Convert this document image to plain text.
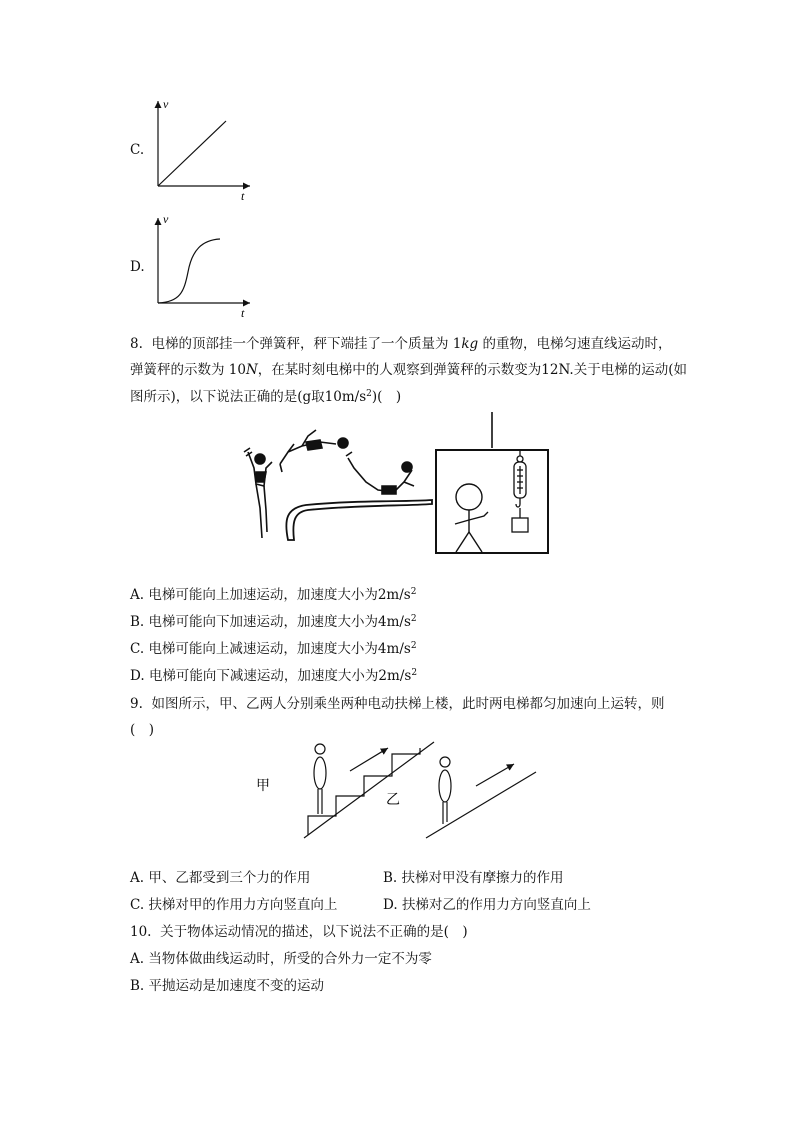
C.
v
t
D.
v
t
8. 电梯的顶部挂一个弹簧秤，秤下端挂了一个质量为 1kg 的重物，电梯匀速直线运动时，
弹簧秤的示数为 10N，在某时刻电梯中的人观察到弹簧秤的示数变为12N.关于电梯的运动(如
图所示)，以下说法正确的是(g取$10m/s^2$)(　)
A. 电梯可能向上加速运动，加速度大小为$2m/s^2$
B. 电梯可能向下加速运动，加速度大小为$4m/s^2$
C. 电梯可能向上减速运动，加速度大小为$4m/s^2$
D. 电梯可能向下减速运动，加速度大小为$2m/s^2$
9. 如图所示，甲、乙两人分别乘坐两种电动扶梯上楼，此时两电梯都匀加速向上运转，则
(　)
甲
乙
A. 甲、乙都受到三个力的作用	B. 扶梯对甲没有摩擦力的作用
C. 扶梯对甲的作用力方向竖直向上	D. 扶梯对乙的作用力方向竖直向上
10. 关于物体运动情况的描述，以下说法不正确的是(　)
A. 当物体做曲线运动时，所受的合外力一定不为零
B. 平抛运动是加速度不变的运动
